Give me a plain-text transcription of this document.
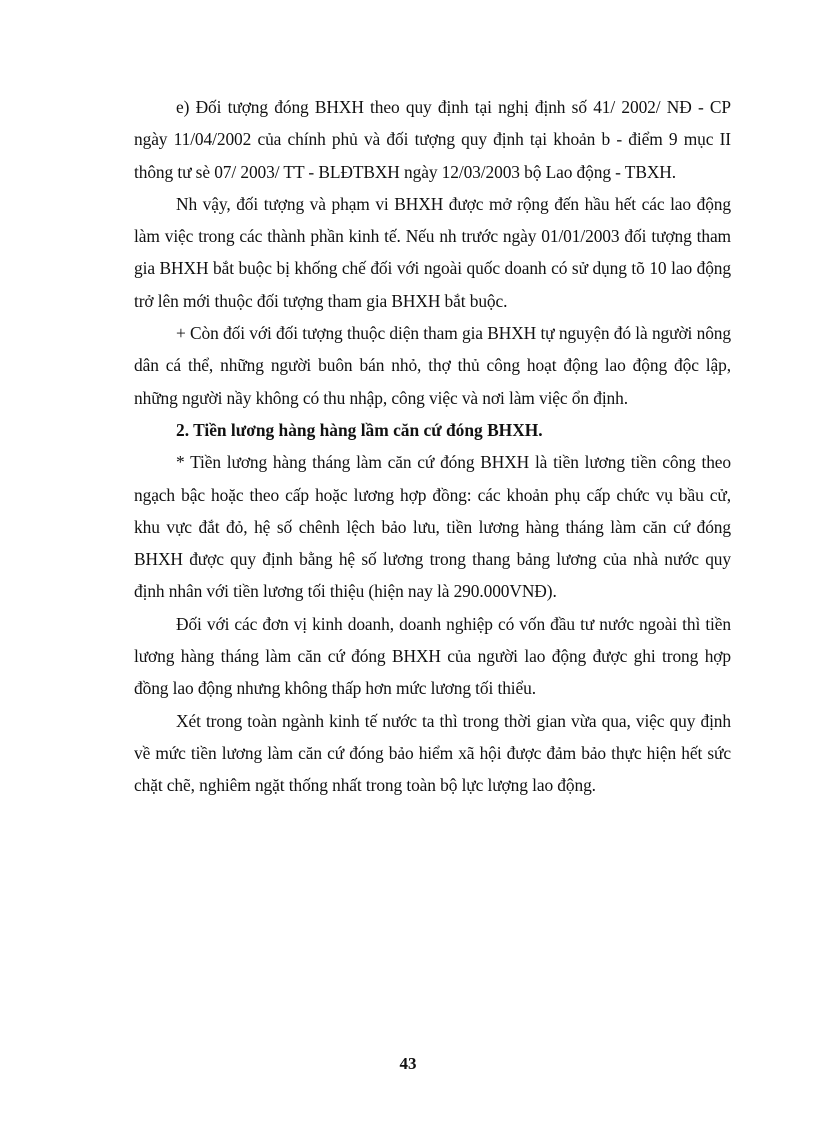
e) Đối tượng đóng BHXH theo quy định tại nghị định số 41/ 2002/ NĐ - CP ngày 11/04/2002 của chính phủ và đối tượng quy định tại khoản b - điểm 9 mục II thông tư sè 07/ 2003/ TT - BLĐTBXH ngày 12/03/2003 bộ Lao động - TBXH.

Nh vậy, đối tượng và phạm vi BHXH được mở rộng đến hầu hết các lao động làm việc trong các thành phần kinh tế. Nếu nh trước ngày 01/01/2003 đối tượng tham gia BHXH bắt buộc bị khống chế đối với ngoài quốc doanh có sử dụng tõ 10 lao động trở lên mới thuộc đối tượng tham gia BHXH bắt buộc.

+ Còn đối với đối tượng thuộc diện tham gia BHXH tự nguyện đó là người nông dân cá thể, những người buôn bán nhỏ, thợ thủ công hoạt động lao động độc lập, những người nầy không có thu nhập, công việc và nơi làm việc ổn định.

2. Tiền lương hàng hàng lầm căn cứ đóng BHXH.

* Tiền lương hàng tháng làm căn cứ đóng BHXH là tiền lương tiền công theo ngạch bậc hoặc theo cấp hoặc lương hợp đồng: các khoản phụ cấp chức vụ bầu cử, khu vực đắt đỏ, hệ số chênh lệch bảo lưu, tiền lương hàng tháng làm căn cứ đóng BHXH được quy định bằng hệ số lương trong thang bảng lương của nhà nước quy định nhân với tiền lương tối thiệu (hiện nay là 290.000VNĐ).

Đối với các đơn vị kinh doanh, doanh nghiệp có vốn đầu tư nước ngoài thì tiền lương hàng tháng làm căn cứ đóng BHXH của người lao động được ghi trong hợp đồng lao động nhưng không thấp hơn mức lương tối thiểu.

Xét trong toàn ngành kinh tế nước ta thì trong thời gian vừa qua, việc quy định về mức tiền lương làm căn cứ đóng bảo hiểm xã hội được đảm bảo thực hiện hết sức chặt chẽ, nghiêm ngặt thống nhất trong toàn bộ lực lượng lao động.

43
